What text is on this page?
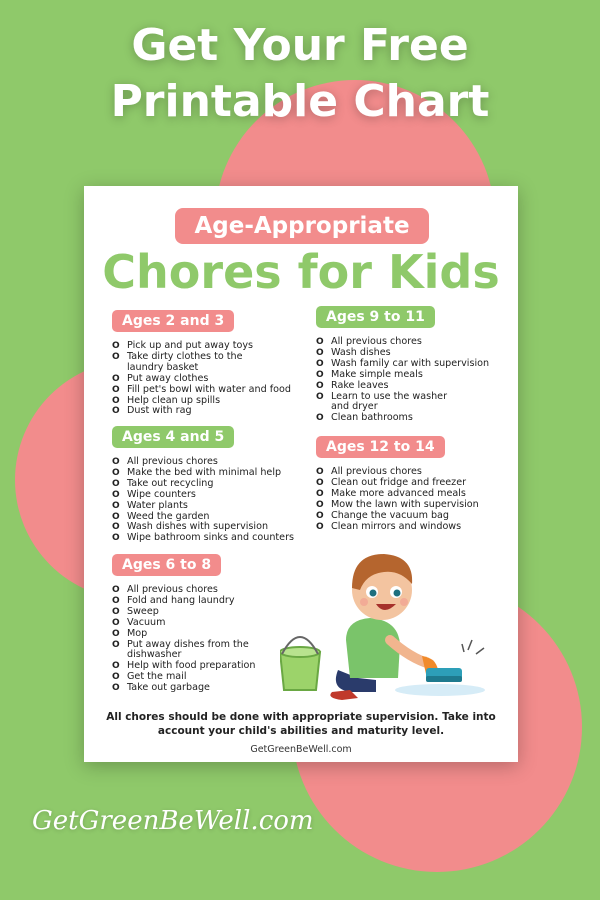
Get Your Free
Printable Chart
Age-Appropriate
Chores for Kids
Ages 2 and 3
O Pick up and put away toys
O Take dirty clothes to the laundry basket
O Put away clothes
O Fill pet's bowl with water and food
O Help clean up spills
O Dust with rag
Ages 4 and 5
O All previous chores
O Make the bed with minimal help
O Take out recycling
O Wipe counters
O Water plants
O Weed the garden
O Wash dishes with supervision
O Wipe bathroom sinks and counters
Ages 6 to 8
O All previous chores
O Fold and hang laundry
O Sweep
O Vacuum
O Mop
O Put away dishes from the dishwasher
O Help with food preparation
O Get the mail
O Take out garbage
Ages 9 to 11
O All previous chores
O Wash dishes
O Wash family car with supervision
O Make simple meals
O Rake leaves
O Learn to use the washer and dryer
O Clean bathrooms
Ages 12 to 14
O All previous chores
O Clean out fridge and freezer
O Make more advanced meals
O Mow the lawn with supervision
O Change the vacuum bag
O Clean mirrors and windows
All chores should be done with appropriate supervision. Take into
account your child's abilities and maturity level.
GetGreenBeWell.com
GetGreenBeWell.com
